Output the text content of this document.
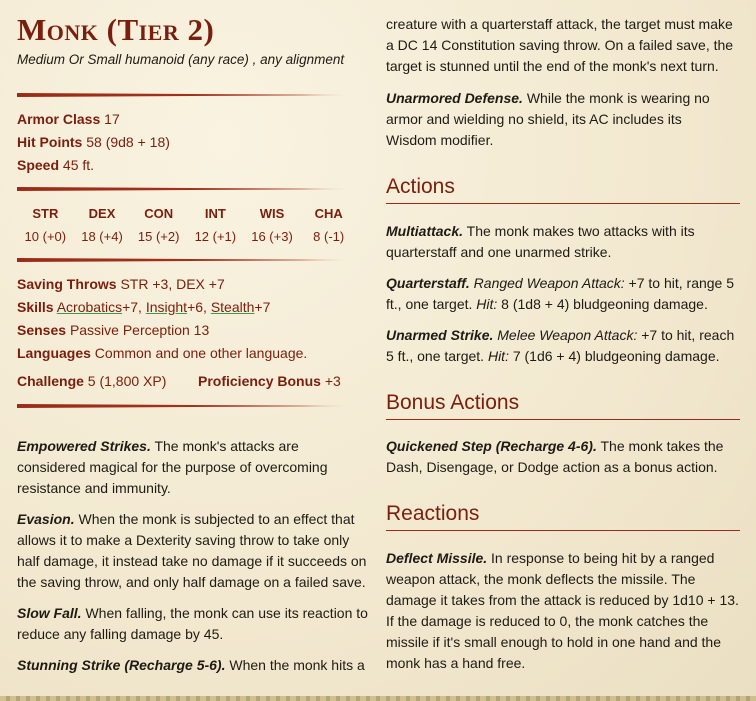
Monk (Tier 2)
Medium Or Small humanoid (any race) , any alignment
Armor Class 17
Hit Points 58 (9d8 + 18)
Speed 45 ft.
STR
10 (+0)
DEX
18 (+4)
CON
15 (+2)
INT
12 (+1)
WIS
16 (+3)
CHA
8 (-1)
Saving Throws STR +3, DEX +7
Skills Acrobatics+7, Insight+6, Stealth+7
Senses Passive Perception 13
Languages Common and one other language.
Challenge 5 (1,800 XP) Proficiency Bonus +3

Empowered Strikes. The monk's attacks are considered magical for the purpose of overcoming resistance and immunity.

Evasion. When the monk is subjected to an effect that allows it to make a Dexterity saving throw to take only half damage, it instead take no damage if it succeeds on the saving throw, and only half damage on a failed save.

Slow Fall. When falling, the monk can use its reaction to reduce any falling damage by 45.

Stunning Strike (Recharge 5-6). When the monk hits a

creature with a quarterstaff attack, the target must make a DC 14 Constitution saving throw. On a failed save, the target is stunned until the end of the monk's next turn.

Unarmored Defense. While the monk is wearing no armor and wielding no shield, its AC includes its Wisdom modifier.

Actions

Multiattack. The monk makes two attacks with its quarterstaff and one unarmed strike.

Quarterstaff. Ranged Weapon Attack: +7 to hit, range 5 ft., one target. Hit: 8 (1d8 + 4) bludgeoning damage.

Unarmed Strike. Melee Weapon Attack: +7 to hit, reach 5 ft., one target. Hit: 7 (1d6 + 4) bludgeoning damage.

Bonus Actions

Quickened Step (Recharge 4-6). The monk takes the Dash, Disengage, or Dodge action as a bonus action.

Reactions

Deflect Missile. In response to being hit by a ranged weapon attack, the monk deflects the missile. The damage it takes from the attack is reduced by 1d10 + 13. If the damage is reduced to 0, the monk catches the missile if it's small enough to hold in one hand and the monk has a hand free.
